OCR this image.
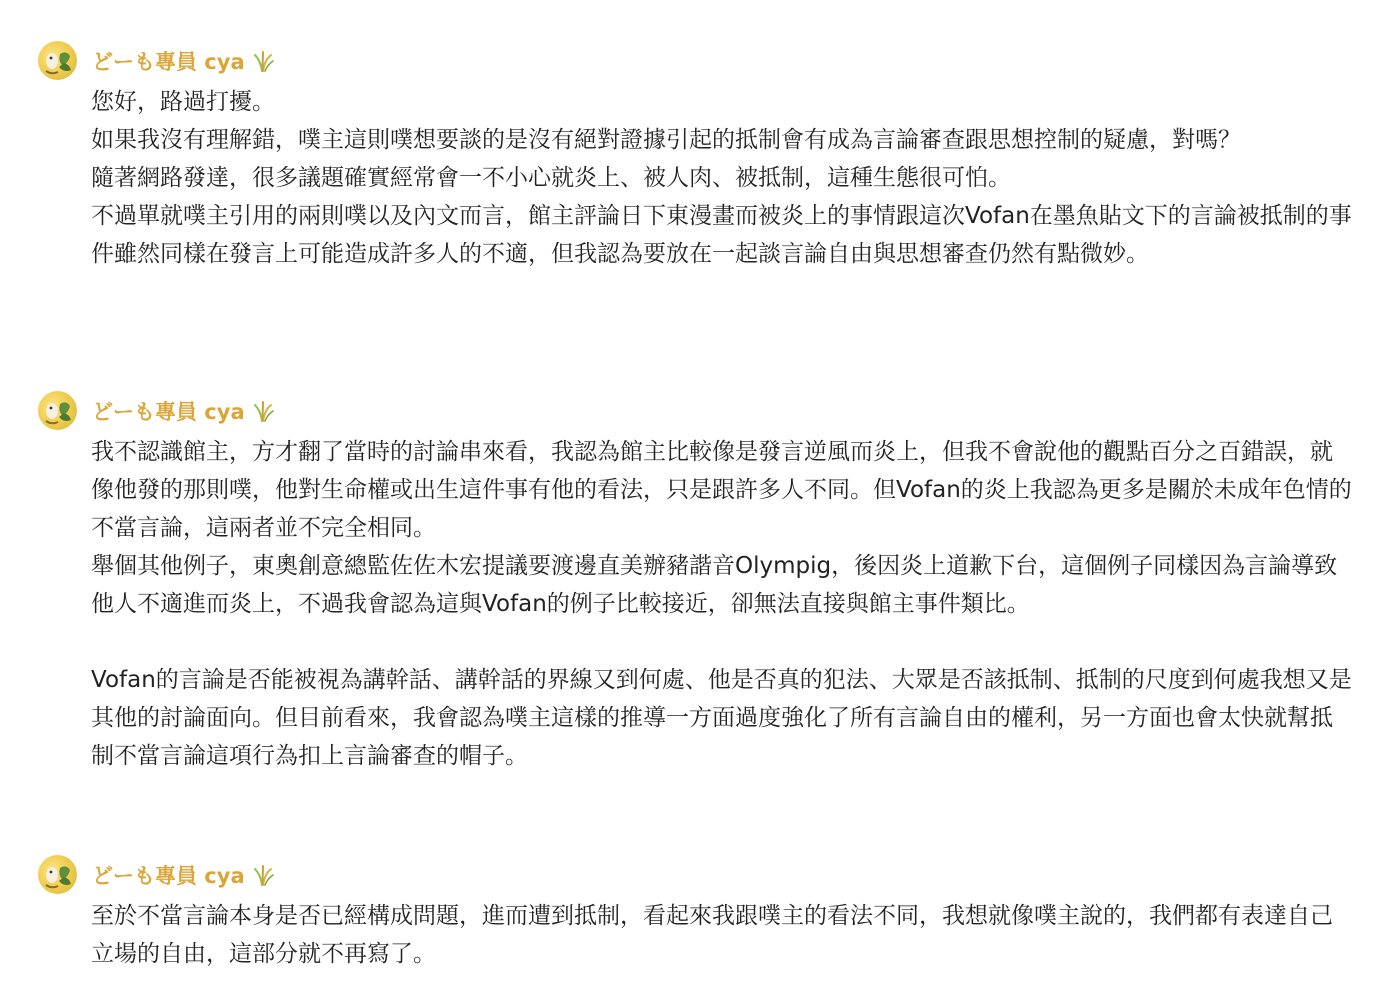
どーも專員 cya

您好，路過打擾。

如果我沒有理解錯，噗主這則噗想要談的是沒有絕對證據引起的抵制會有成為言論審查跟思想控制的疑慮，對嗎？

隨著網路發達，很多議題確實經常會一不小心就炎上、被人肉、被抵制，這種生態很可怕。

不過單就噗主引用的兩則噗以及內文而言，館主評論日下東漫畫而被炎上的事情跟這次Vofan在墨魚貼文下的言論被抵制的事件雖然同樣在發言上可能造成許多人的不適，但我認為要放在一起談言論自由與思想審查仍然有點微妙。

どーも專員 cya

我不認識館主，方才翻了當時的討論串來看，我認為館主比較像是發言逆風而炎上，但我不會說他的觀點百分之百錯誤，就像他發的那則噗，他對生命權或出生這件事有他的看法，只是跟許多人不同。但Vofan的炎上我認為更多是關於未成年色情的不當言論，這兩者並不完全相同。

舉個其他例子，東奧創意總監佐佐木宏提議要渡邊直美辦豬諧音Olympig，後因炎上道歉下台，這個例子同樣因為言論導致他人不適進而炎上，不過我會認為這與Vofan的例子比較接近，卻無法直接與館主事件類比。

Vofan的言論是否能被視為講幹話、講幹話的界線又到何處、他是否真的犯法、大眾是否該抵制、抵制的尺度到何處我想又是其他的討論面向。但目前看來，我會認為噗主這樣的推導一方面過度強化了所有言論自由的權利，另一方面也會太快就幫抵制不當言論這項行為扣上言論審查的帽子。

どーも專員 cya

至於不當言論本身是否已經構成問題，進而遭到抵制，看起來我跟噗主的看法不同，我想就像噗主說的，我們都有表達自己立場的自由，這部分就不再寫了。
